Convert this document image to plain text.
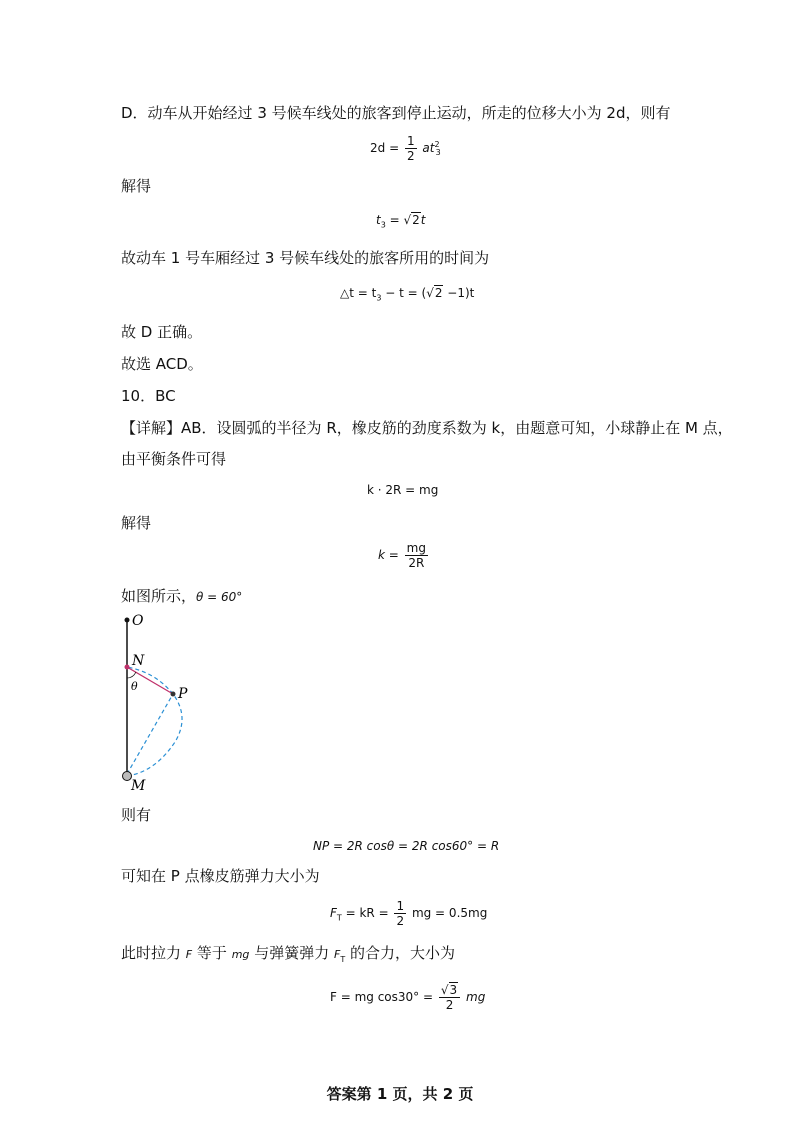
D．动车从开始经过 3 号候车线处的旅客到停止运动，所走的位移大小为 2d，则有
$2d = \frac{1}{2} at^2_3$
解得
$t_3 = √2t$
故动车 1 号车厢经过 3 号候车线处的旅客所用的时间为
△t = $t_3 - t = (√2 -1)t$
故 D 正确。
故选 ACD。
10．BC
【详解】AB．设圆弧的半径为 R，橡皮筋的劲度系数为 k，由题意可知，小球静止在 M 点，
由平衡条件可得
k · 2R = mg
解得
$k = \frac{mg}{2R}$
如图所示，θ = 60°
O
N
P
M
θ
则有
NP = 2R cosθ = 2R cos60° = R
可知在 P 点橡皮筋弹力大小为
$F_T$ = kR = $\frac{1}{2}$ mg = 0.5mg
此时拉力 F 等于 mg 与弹簧弹力 $F_T$ 的合力，大小为
F = mg $\cos 30^\circ = \frac{√3}{2}$ mg
答案第 1 页，共 2 页
